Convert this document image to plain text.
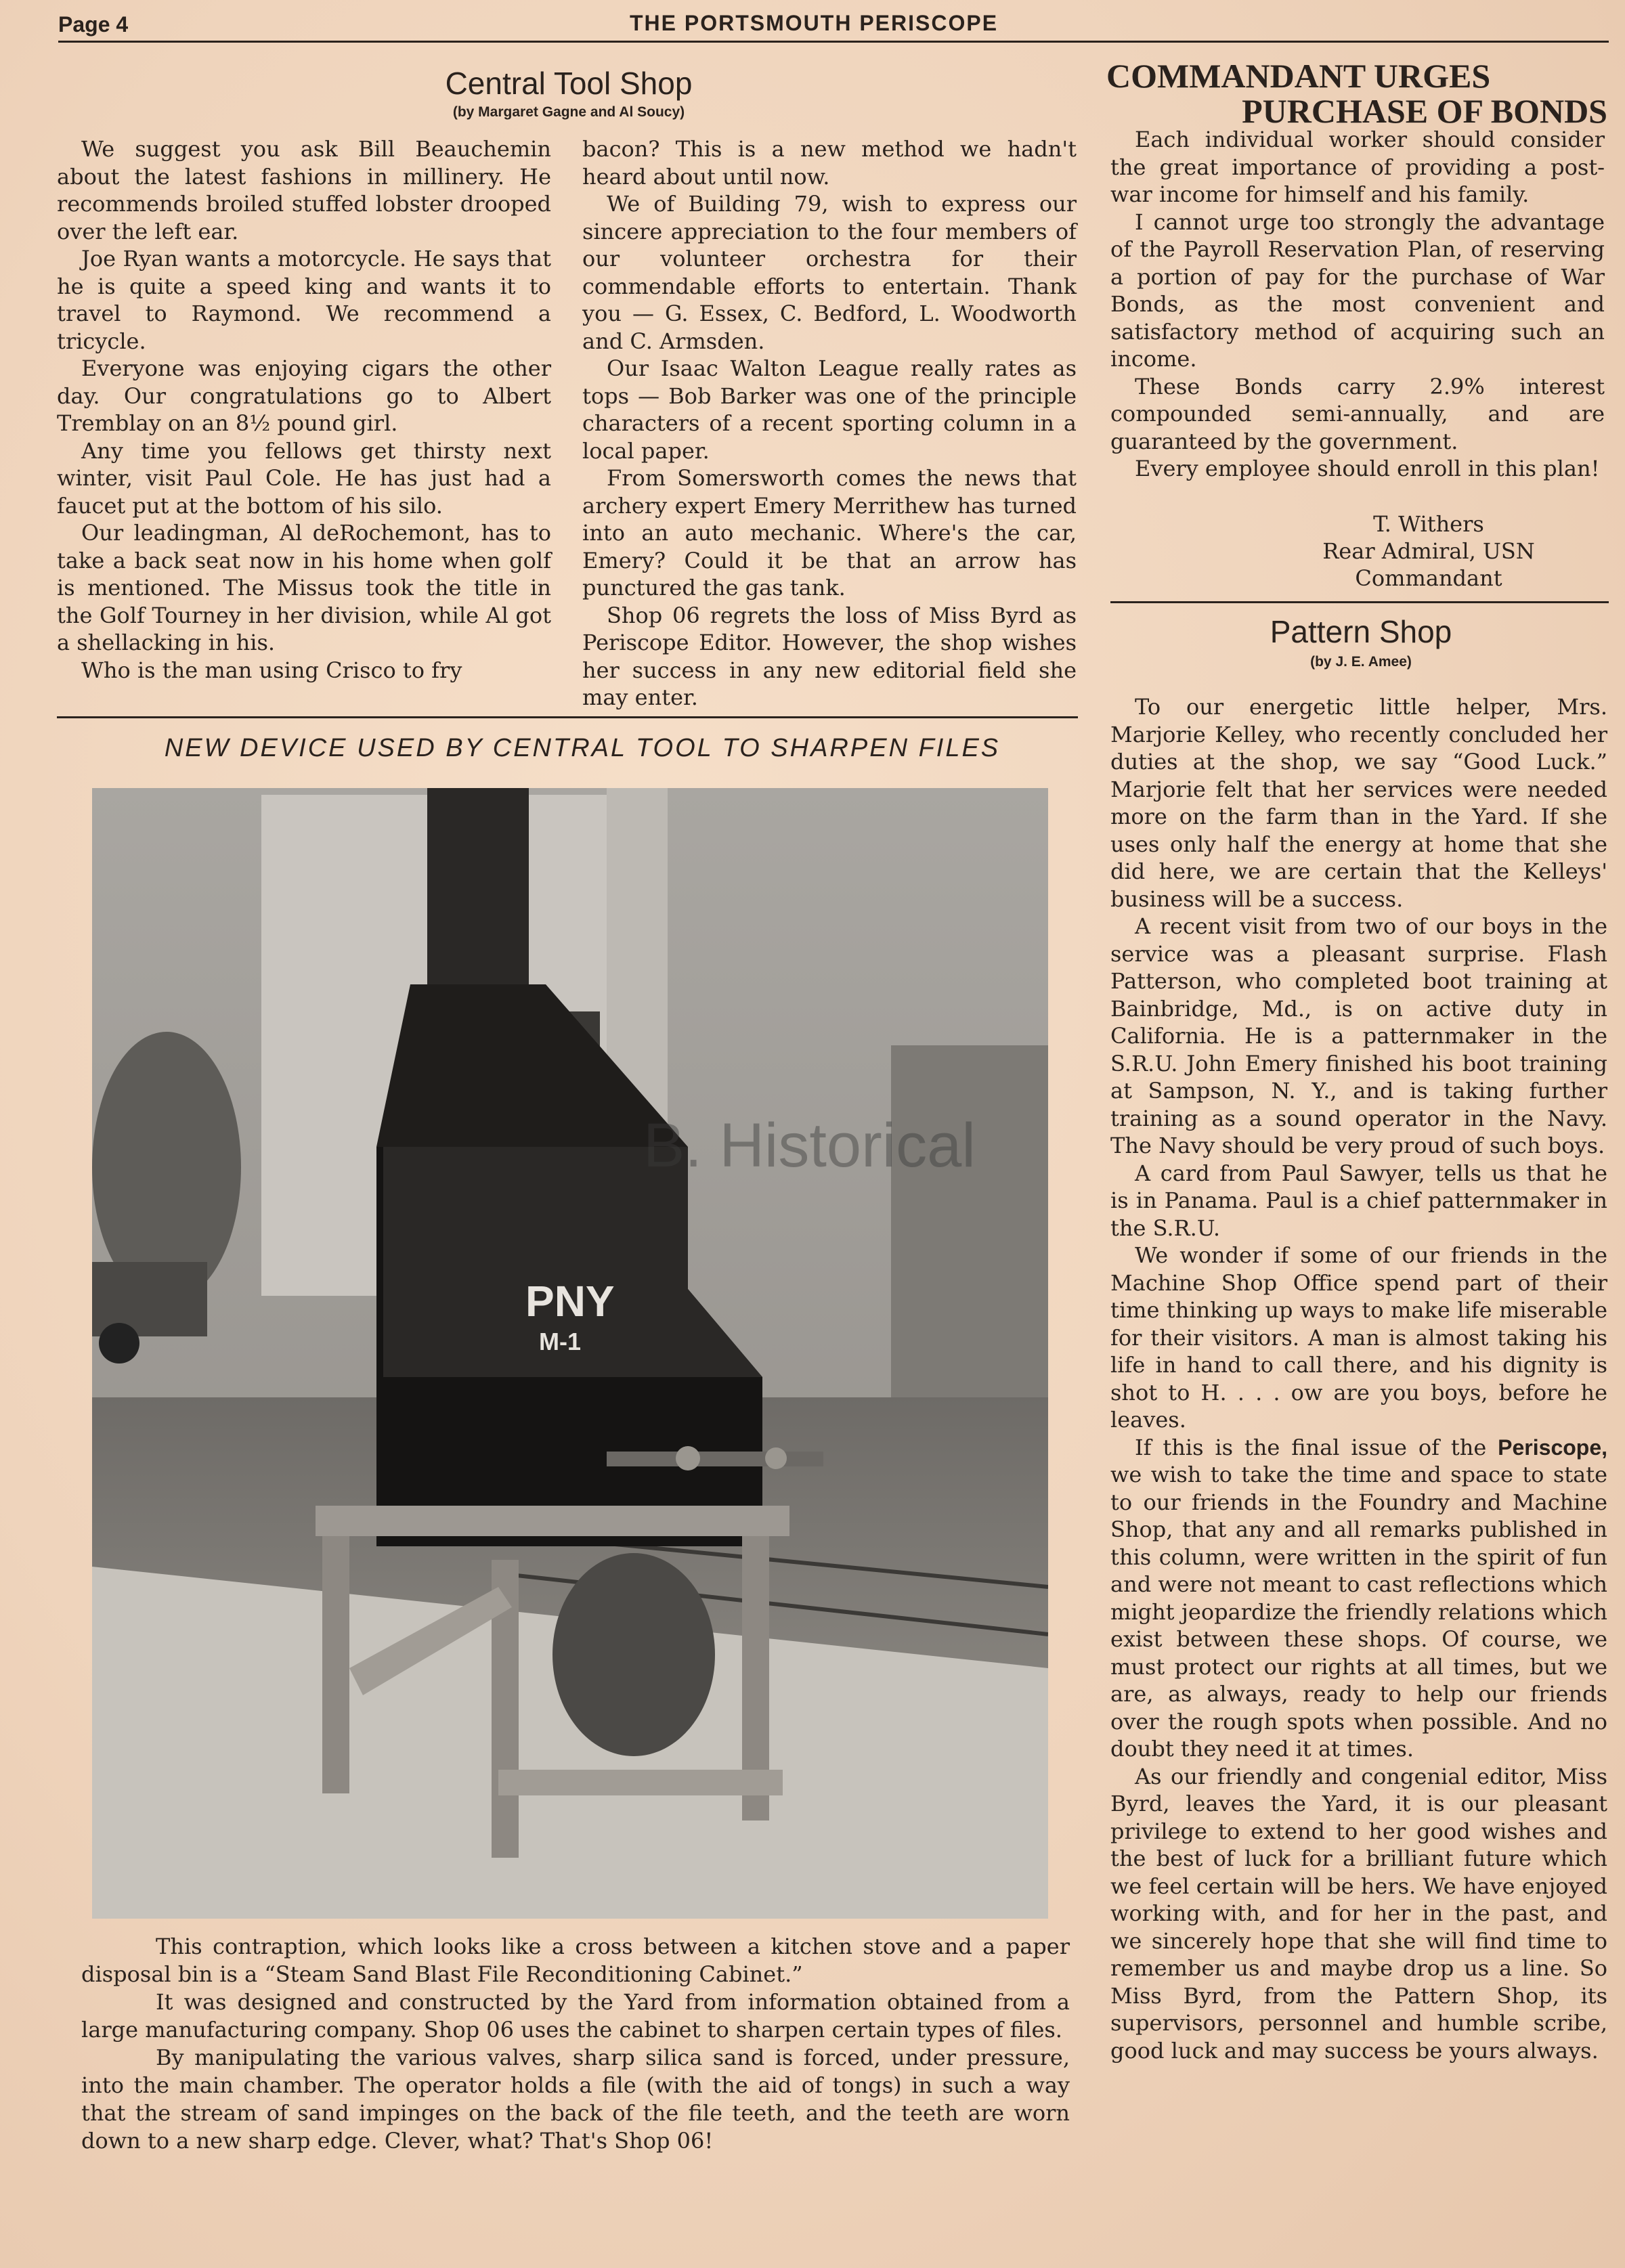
Page 4	THE PORTSMOUTH PERISCOPE
Central Tool Shop
(by Margaret Gagne and Al Soucy)

We suggest you ask Bill Beauchemin about the latest fashions in millinery. He recommends broiled stuffed lobster drooped over the left ear.

Joe Ryan wants a motorcycle. He says that he is quite a speed king and wants it to travel to Raymond. We recommend a tricycle.

Everyone was enjoying cigars the other day. Our congratulations go to Albert Tremblay on an 8½ pound girl.

Any time you fellows get thirsty next winter, visit Paul Cole. He has just had a faucet put at the bottom of his silo.

Our leadingman, Al deRochemont, has to take a back seat now in his home when golf is mentioned. The Missus took the title in the Golf Tourney in her division, while Al got a shellacking in his.

Who is the man using Crisco to fry

bacon? This is a new method we hadn't heard about until now.

We of Building 79, wish to express our sincere appreciation to the four members of our volunteer orchestra for their commendable efforts to entertain. Thank you — G. Essex, C. Bedford, L. Woodworth and C. Armsden.

Our Isaac Walton League really rates as tops — Bob Barker was one of the principle characters of a recent sporting column in a local paper.

From Somersworth comes the news that archery expert Emery Merrithew has turned into an auto mechanic. Where's the car, Emery? Could it be that an arrow has punctured the gas tank.

Shop 06 regrets the loss of Miss Byrd as Periscope Editor. However, the shop wishes her success in any new editorial field she may enter.

NEW DEVICE USED BY CENTRAL TOOL TO SHARPEN FILES
PNY
M-1
B. Historical

This contraption, which looks like a cross between a kitchen stove and a paper disposal bin is a “Steam Sand Blast File Reconditioning Cabinet.”

It was designed and constructed by the Yard from information obtained from a large manufacturing company. Shop 06 uses the cabinet to sharpen certain types of files.

By manipulating the various valves, sharp silica sand is forced, under pressure, into the main chamber. The operator holds a file (with the aid of tongs) in such a way that the stream of sand impinges on the back of the file teeth, and the teeth are worn down to a new sharp edge. Clever, what? That's Shop 06!

COMMANDANT URGES
PURCHASE OF BONDS

Each individual worker should consider the great importance of providing a post-war income for himself and his family.

I cannot urge too strongly the advantage of the Payroll Reservation Plan, of reserving a portion of pay for the purchase of War Bonds, as the most convenient and satisfactory method of acquiring such an income.

These Bonds carry 2.9% interest compounded semi-annually, and are guaranteed by the government.

Every employee should enroll in this plan!

T. Withers
Rear Admiral, USN
Commandant
Pattern Shop
(by J. E. Amee)

To our energetic little helper, Mrs. Marjorie Kelley, who recently concluded her duties at the shop, we say “Good Luck.” Marjorie felt that her services were needed more on the farm than in the Yard. If she uses only half the energy at home that she did here, we are certain that the Kelleys' business will be a success.

A recent visit from two of our boys in the service was a pleasant surprise. Flash Patterson, who completed boot training at Bainbridge, Md., is on active duty in California. He is a patternmaker in the S.R.U. John Emery finished his boot training at Sampson, N. Y., and is taking further training as a sound operator in the Navy. The Navy should be very proud of such boys.

A card from Paul Sawyer, tells us that he is in Panama. Paul is a chief patternmaker in the S.R.U.

We wonder if some of our friends in the Machine Shop Office spend part of their time thinking up ways to make life miserable for their visitors. A man is almost taking his life in hand to call there, and his dignity is shot to H. . . . ow are you boys, before he leaves.

If this is the final issue of the Periscope, we wish to take the time and space to state to our friends in the Foundry and Machine Shop, that any and all remarks published in this column, were written in the spirit of fun and were not meant to cast reflections which might jeopardize the friendly relations which exist between these shops. Of course, we must protect our rights at all times, but we are, as always, ready to help our friends over the rough spots when possible. And no doubt they need it at times.

As our friendly and congenial editor, Miss Byrd, leaves the Yard, it is our pleasant privilege to extend to her good wishes and the best of luck for a brilliant future which we feel certain will be hers. We have enjoyed working with, and for her in the past, and we sincerely hope that she will find time to remember us and maybe drop us a line. So Miss Byrd, from the Pattern Shop, its supervisors, personnel and humble scribe, good luck and may success be yours always.
